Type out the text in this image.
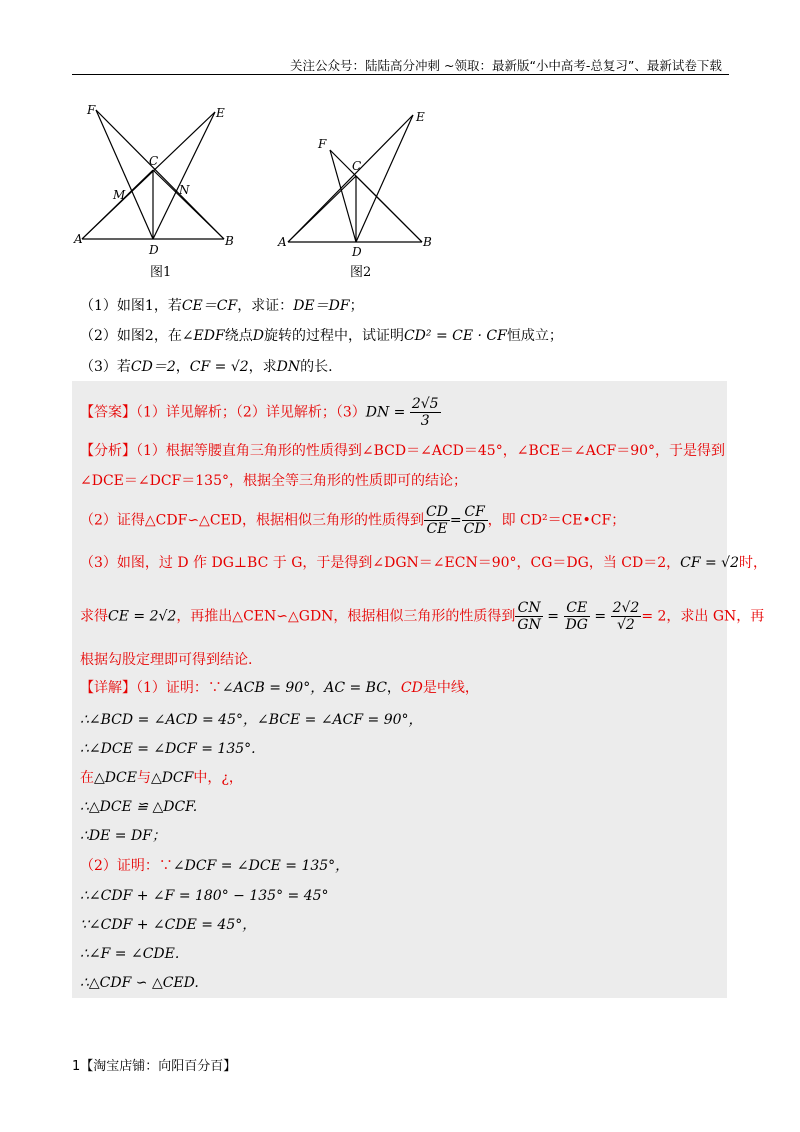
关注公众号：陆陆高分冲刺 ~领取：最新版“小中高考-总复习”、最新试卷下载
F	E
C
M	N
A
D
B
图1
F
E
C
A
D
B
图2
（1）如图1，若CE＝CF，求证：DE＝DF；
（2）如图2，在∠EDF绕点D旋转的过程中，试证明CD² = CE · CF恒成立；
（3）若CD＝2，CF = √2，求DN的长.
【答案】（1）详见解析；（2）详见解析；$(3)DN = \frac{2√5}{3}$
【分析】（1）根据等腰直角三角形的性质得到∠BCD＝∠ACD＝45°，∠BCE＝∠ACF＝90°，于是得到
∠DCE＝∠DCF＝135°，根据全等三角形的性质即可的结论；
（2）证得△CDF∽△CED，根据相似三角形的性质得到 $\frac{CD}{CE} = \frac{CF}{CD}$ ，即 CD²＝CE•CF；
（3）如图，过 D 作 DG⊥BC 于 G，于是得到∠DGN＝∠ECN＝90°，CG＝DG，当 CD＝2，CF = √2时，
求得CE = 2√2，再推出△CEN∽△GDN，根据相似三角形的性质得到 $\frac{CN}{GN} = \frac{CE}{DG} = \frac{2√2}{√2} = 2$，求出 GN，再
根据勾股定理即可得到结论.
【详解】（1）证明：∵∠ACB = 90°，AC = BC，CD是中线，
∴∠BCD = ∠ACD = 45°，∠BCE = ∠ACF = 90°，
∴∠DCE = ∠DCF = 135°.
在△DCE与△DCF中，¿，
∴△DCE ≌ △DCF.
∴DE = DF；
（2）证明：∵∠DCF = ∠DCE = 135°，
∴∠CDF + ∠F = 180° − 135° = 45°
∵∠CDF + ∠CDE = 45°，
∴∠F = ∠CDE.
∴△CDF ∽ △CED.
1【淘宝店铺：向阳百分百】
